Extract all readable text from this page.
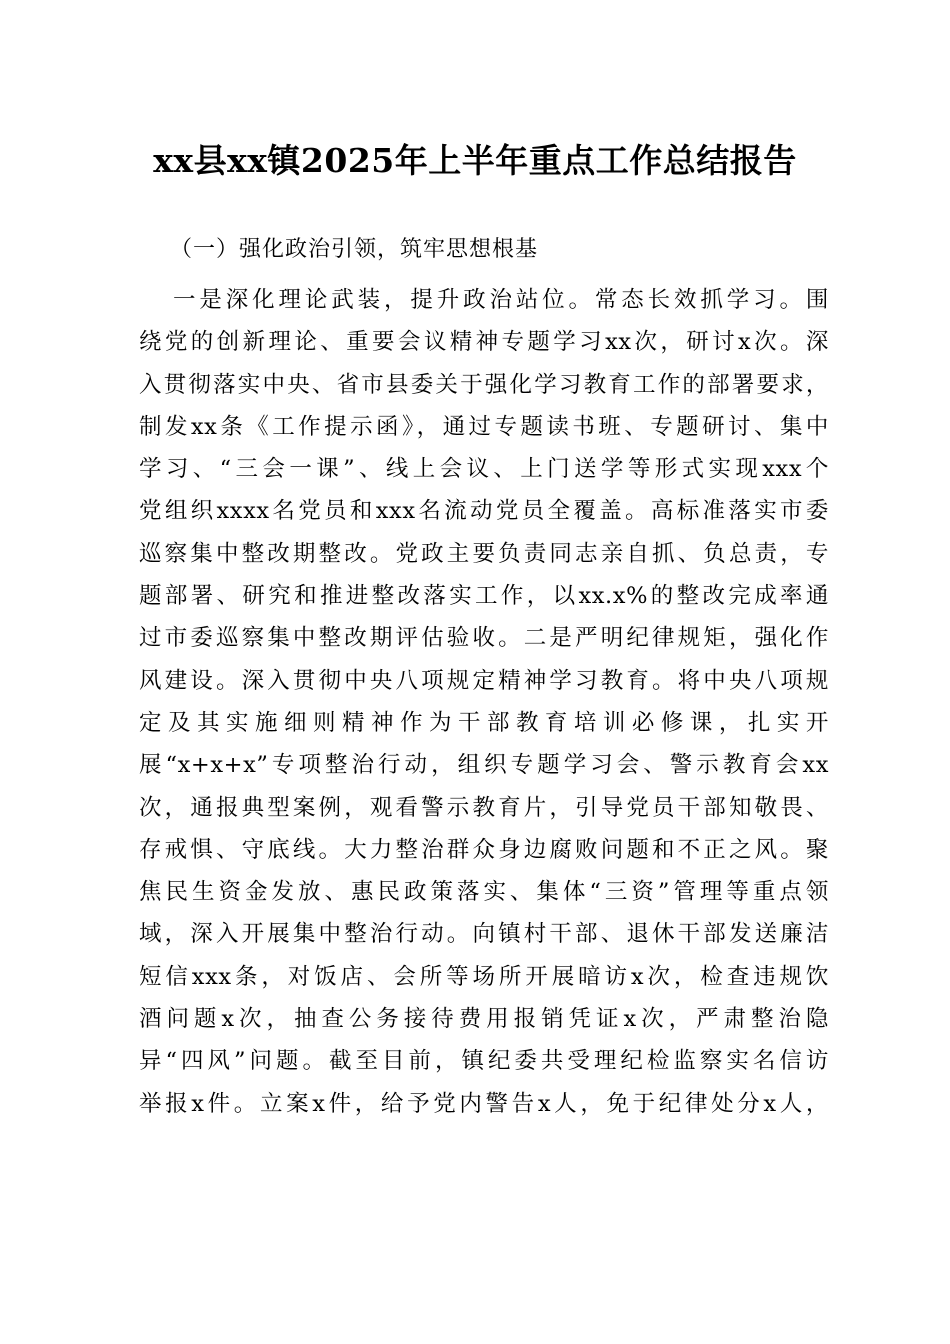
xx县xx镇2025年上半年重点工作总结报告

（一）强化政治引领，筑牢思想根基

一是深化理论武装，提升政治站位。常态长效抓学习。围
绕党的创新理论、重要会议精神专题学习xx次，研讨x次。深
入贯彻落实中央、省市县委关于强化学习教育工作的部署要求，
制发xx条《工作提示函》，通过专题读书班、专题研讨、集中
学习、“三会一课”、线上会议、上门送学等形式实现xxx个
党组织xxxx名党员和xxx名流动党员全覆盖。高标准落实市委
巡察集中整改期整改。党政主要负责同志亲自抓、负总责，专
题部署、研究和推进整改落实工作，以xx.x%的整改完成率通
过市委巡察集中整改期评估验收。二是严明纪律规矩，强化作
风建设。深入贯彻中央八项规定精神学习教育。将中央八项规
定及其实施细则精神作为干部教育培训必修课，扎实开
展“x+x+x”专项整治行动，组织专题学习会、警示教育会xx
次，通报典型案例，观看警示教育片，引导党员干部知敬畏、
存戒惧、守底线。大力整治群众身边腐败问题和不正之风。聚
焦民生资金发放、惠民政策落实、集体“三资”管理等重点领
域，深入开展集中整治行动。向镇村干部、退休干部发送廉洁
短信xxx条，对饭店、会所等场所开展暗访x次，检查违规饮
酒问题x次，抽查公务接待费用报销凭证x次，严肃整治隐
异“四风”问题。截至目前，镇纪委共受理纪检监察实名信访
举报x件。立案x件，给予党内警告x人，免于纪律处分x人，
